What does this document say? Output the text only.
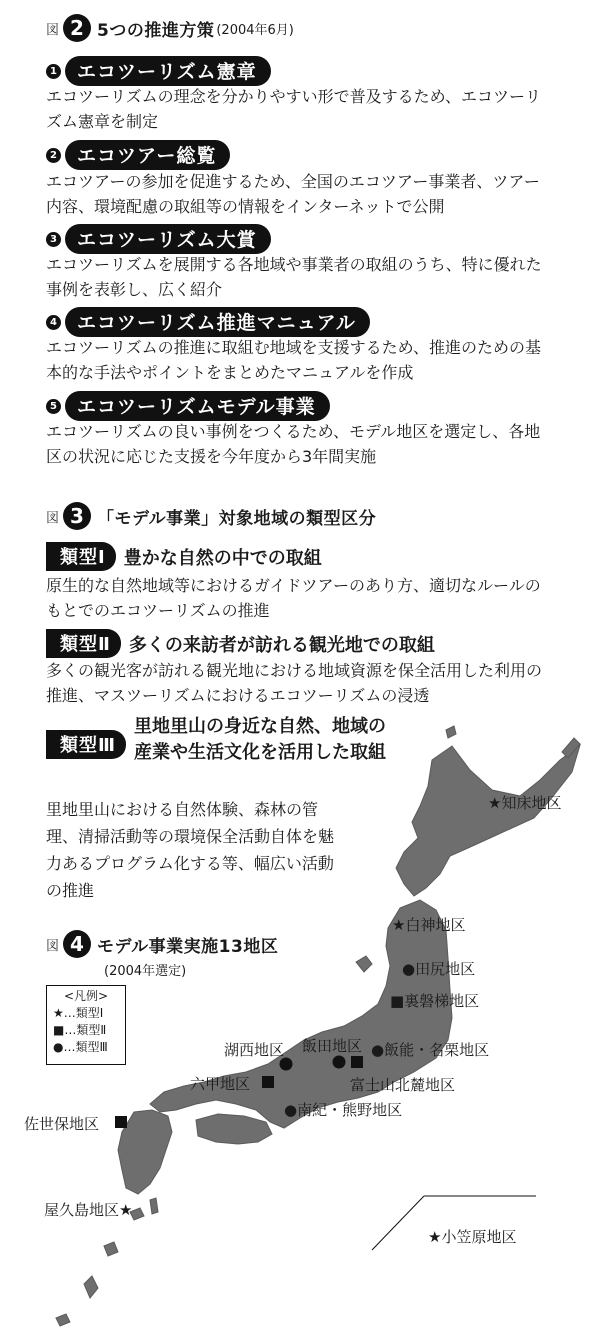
図 2 5つの推進方策 (2004年6月)
1	エコツーリズム憲章
エコツーリズムの理念を分かりやすい形で普及するため、エコツーリズム憲章を制定
2	エコツアー総覧
エコツアーの参加を促進するため、全国のエコツアー事業者、ツアー内容、環境配慮の取組等の情報をインターネットで公開
3	エコツーリズム大賞
エコツーリズムを展開する各地域や事業者の取組のうち、特に優れた事例を表彰し、広く紹介
4	エコツーリズム推進マニュアル
エコツーリズムの推進に取組む地域を支援するため、推進のための基本的な手法やポイントをまとめたマニュアルを作成
5	エコツーリズムモデル事業
エコツーリズムの良い事例をつくるため、モデル地区を選定し、各地区の状況に応じた支援を今年度から3年間実施
図 3 「モデル事業」対象地域の類型区分
類型Ⅰ	豊かな自然の中での取組
原生的な自然地域等におけるガイドツアーのあり方、適切なルールのもとでのエコツーリズムの推進
類型Ⅱ	多くの来訪者が訪れる観光地での取組
多くの観光客が訪れる観光地における地域資源を保全活用した利用の推進、マスツーリズムにおけるエコツーリズムの浸透
類型Ⅲ
里地里山の身近な自然、地域の産業や生活文化を活用した取組
里地里山における自然体験、森林の管理、清掃活動等の環境保全活動自体を魅力あるプログラム化する等、幅広い活動の推進
図 4 モデル事業実施13地区
(2004年選定)
<凡例>
★…類型Ⅰ
■…類型Ⅱ
●…類型Ⅲ
★知床地区
★白神地区
●田尻地区
■裏磐梯地区
●飯能・名栗地区
飯田地区
富士山北麓地区
湖西地区
六甲地区
●南紀・熊野地区
佐世保地区
屋久島地区★
★小笠原地区
